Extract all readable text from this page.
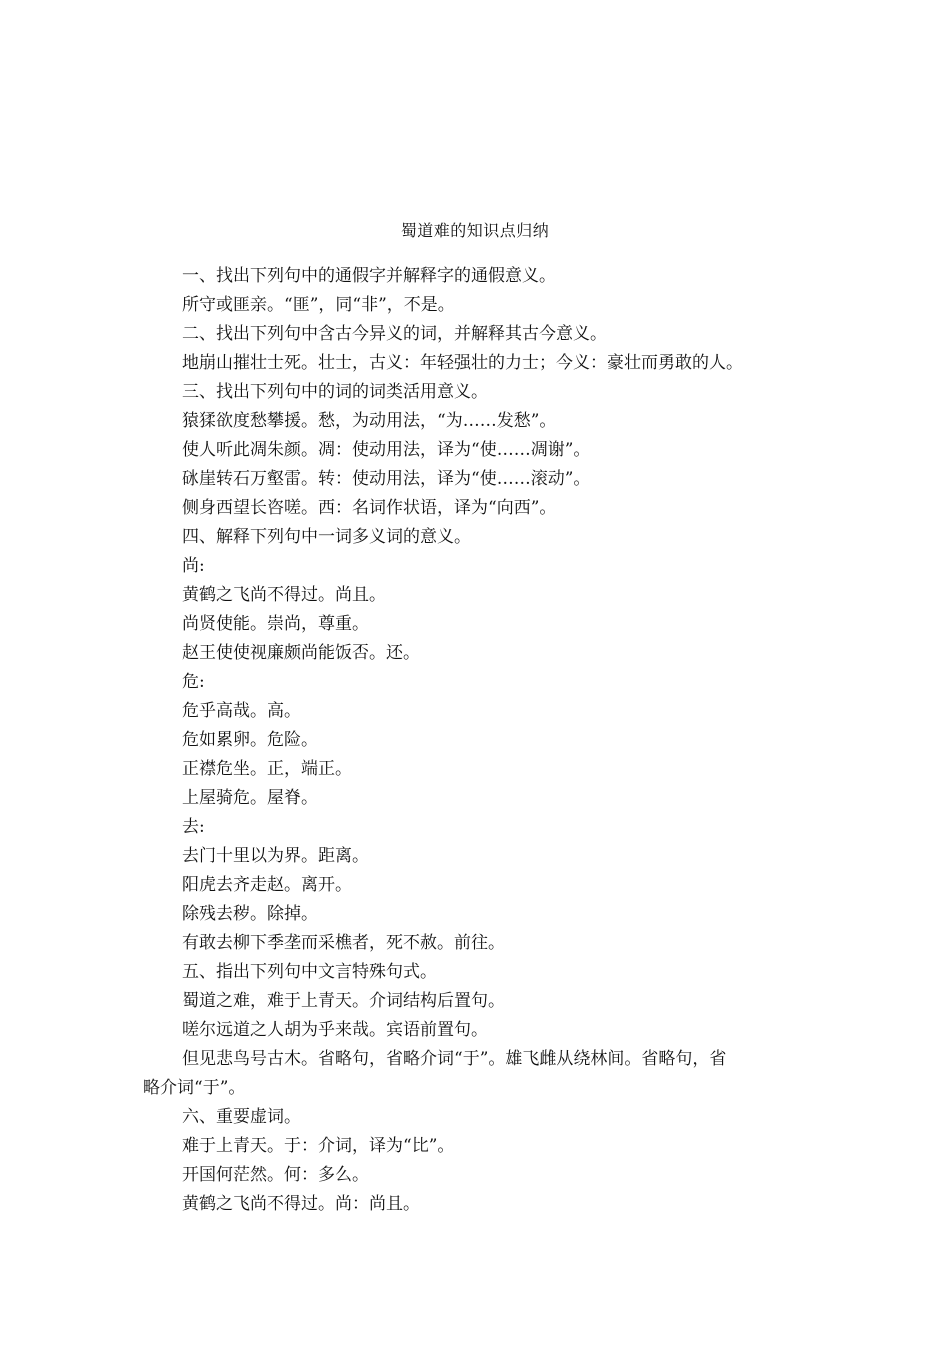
蜀道难的知识点归纳
一、找出下列句中的通假字并解释字的通假意义。
所守或匪亲。“匪”，同“非”，不是。
二、找出下列句中含古今异义的词，并解释其古今意义。
地崩山摧壮士死。壮士，古义：年轻强壮的力士；今义：豪壮而勇敢的人。
三、找出下列句中的词的词类活用意义。
猿猱欲度愁攀援。愁，为动用法，“为……发愁”。
使人听此凋朱颜。凋：使动用法，译为“使……凋谢”。
砯崖转石万壑雷。转：使动用法，译为“使……滚动”。
侧身西望长咨嗟。西：名词作状语，译为“向西”。
四、解释下列句中一词多义词的意义。
尚:
黄鹤之飞尚不得过。尚且。
尚贤使能。崇尚，尊重。
赵王使使视廉颇尚能饭否。还。
危:
危乎高哉。高。
危如累卵。危险。
正襟危坐。正，端正。
上屋骑危。屋脊。
去:
去门十里以为界。距离。
阳虎去齐走赵。离开。
除残去秽。除掉。
有敢去柳下季垄而采樵者，死不赦。前往。
五、指出下列句中文言特殊句式。
蜀道之难，难于上青天。介词结构后置句。
嗟尔远道之人胡为乎来哉。宾语前置句。
但见悲鸟号古木。省略句，省略介词“于”。雄飞雌从绕林间。省略句，省
略介词“于”。
六、重要虚词。
难于上青天。于：介词，译为“比”。
开国何茫然。何：多么。
黄鹤之飞尚不得过。尚：尚且。
